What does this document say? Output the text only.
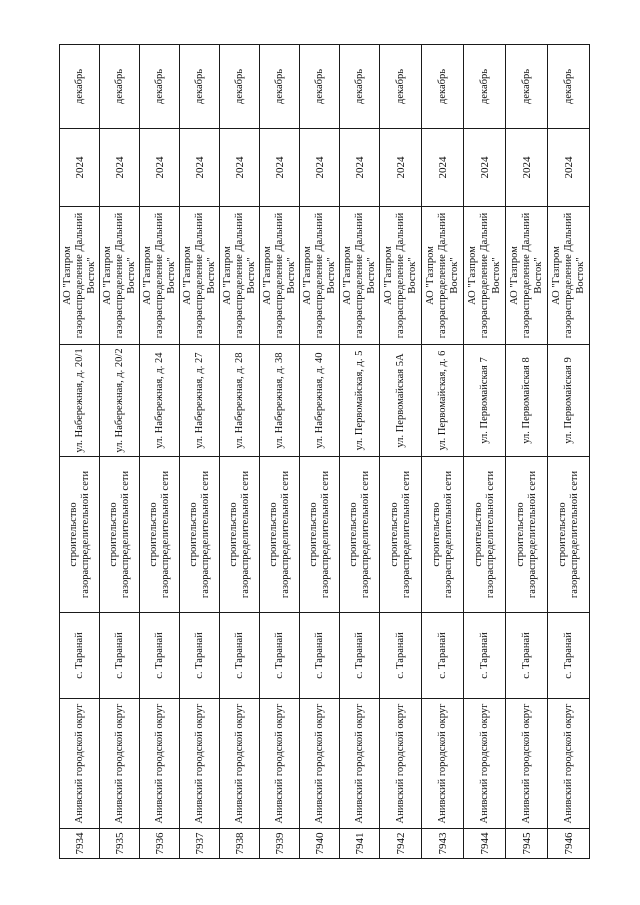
7934	Анивский городской округ	с. Таранай	строительство газораспределительной сети	ул. Набережная, д. 20/1	АО "Газпром газораспределение Дальний Восток"	2024	декабрь
7935	Анивский городской округ	с. Таранай	строительство газораспределительной сети	ул. Набережная, д. 20/2	АО "Газпром газораспределение Дальний Восток"	2024	декабрь
7936	Анивский городской округ	с. Таранай	строительство газораспределительной сети	ул. Набережная, д. 24	АО "Газпром газораспределение Дальний Восток"	2024	декабрь
7937	Анивский городской округ	с. Таранай	строительство газораспределительной сети	ул. Набережная, д. 27	АО "Газпром газораспределение Дальний Восток"	2024	декабрь
7938	Анивский городской округ	с. Таранай	строительство газораспределительной сети	ул. Набережная, д. 28	АО "Газпром газораспределение Дальний Восток"	2024	декабрь
7939	Анивский городской округ	с. Таранай	строительство газораспределительной сети	ул. Набережная, д. 38	АО "Газпром газораспределение Дальний Восток"	2024	декабрь
7940	Анивский городской округ	с. Таранай	строительство газораспределительной сети	ул. Набережная, д. 40	АО "Газпром газораспределение Дальний Восток"	2024	декабрь
7941	Анивский городской округ	с. Таранай	строительство газораспределительной сети	ул. Первомайская, д. 5	АО "Газпром газораспределение Дальний Восток"	2024	декабрь
7942	Анивский городской округ	с. Таранай	строительство газораспределительной сети	ул. Первомайская 5А	АО "Газпром газораспределение Дальний Восток"	2024	декабрь
7943	Анивский городской округ	с. Таранай	строительство газораспределительной сети	ул. Первомайская, д. 6	АО "Газпром газораспределение Дальний Восток"	2024	декабрь
7944	Анивский городской округ	с. Таранай	строительство газораспределительной сети	ул. Первомайская 7	АО "Газпром газораспределение Дальний Восток"	2024	декабрь
7945	Анивский городской округ	с. Таранай	строительство газораспределительной сети	ул. Первомайская 8	АО "Газпром газораспределение Дальний Восток"	2024	декабрь
7946	Анивский городской округ	с. Таранай	строительство газораспределительной сети	ул. Первомайская 9	АО "Газпром газораспределение Дальний Восток"	2024	декабрь
